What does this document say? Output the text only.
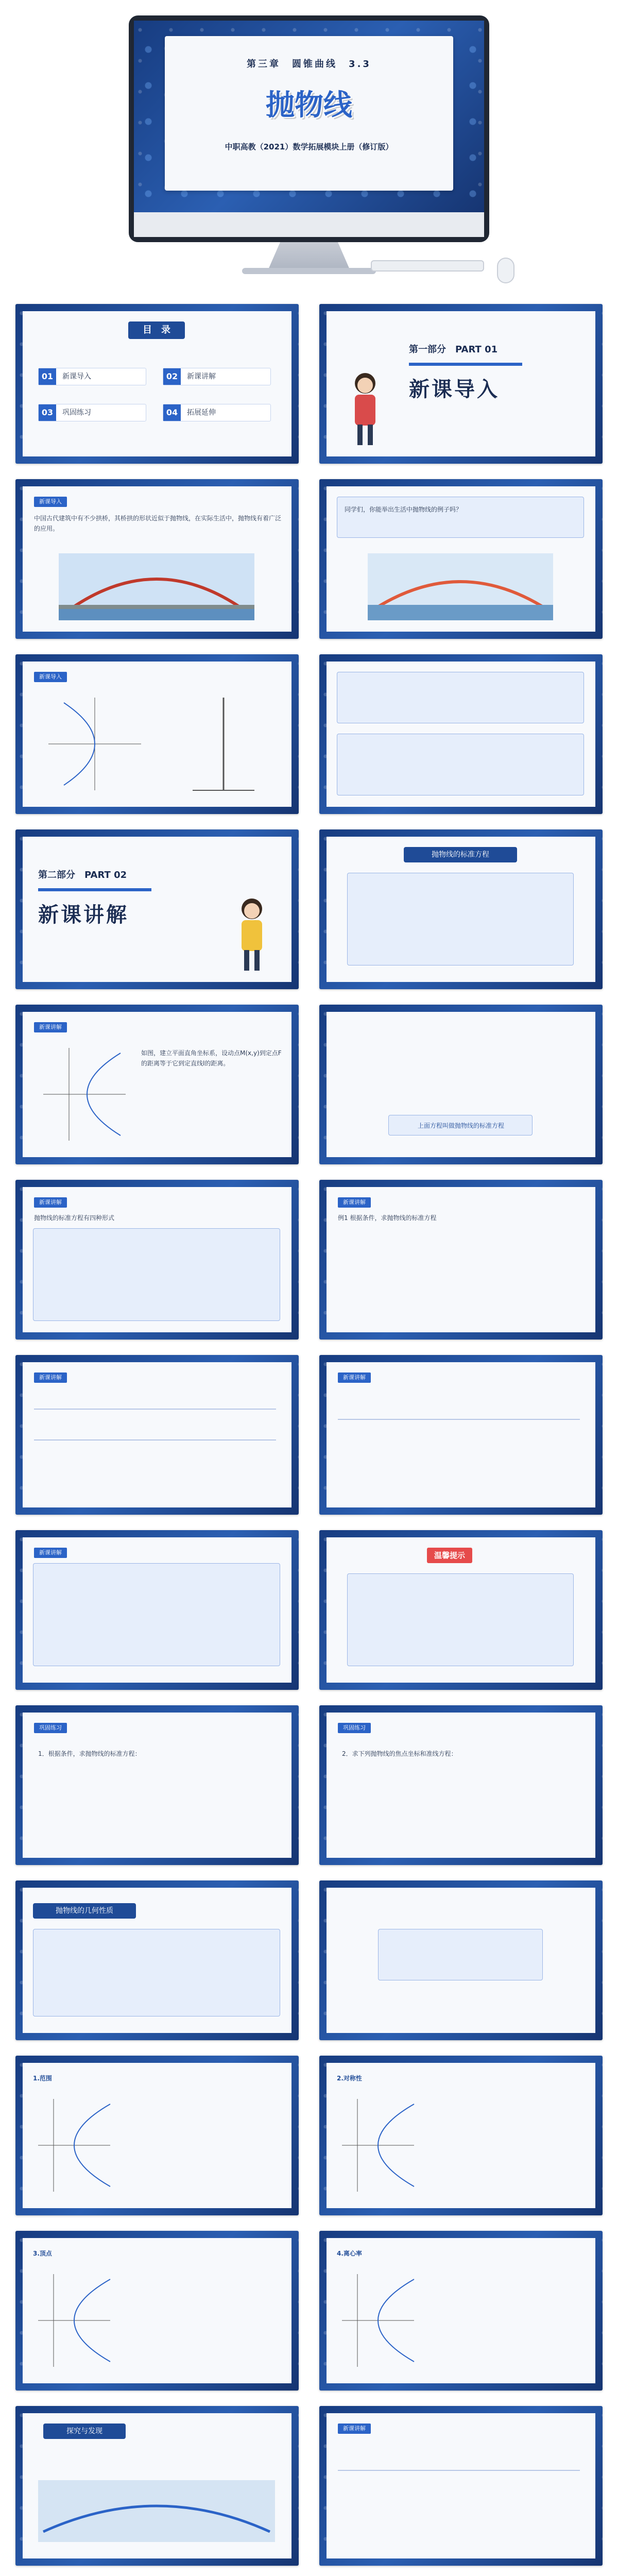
第三章　圆锥曲线　3.3
抛物线
中职高教（2021）数学拓展模块上册（修订版）
目　录
01	新课导入	02	新课讲解
03	巩固练习	04	拓展延伸
第一部分　PART 01
新课导入
新课导入
中国古代建筑中有不少拱桥，其桥拱的形状近似于抛物线，在实际生活中，抛物线有着广泛的应用。
同学们，你能举出生活中抛物线的例子吗？
新课导入
第二部分　PART 02
新课讲解
抛物线的标准方程
新课讲解
如图，建立平面直角坐标系，设动点M(x,y)到定点F的距离等于它到定直线l的距离。
上面方程叫做抛物线的标准方程
新课讲解
抛物线的标准方程有四种形式
新课讲解
例1 根据条件，求抛物线的标准方程
新课讲解	新课讲解
新课讲解	温馨提示
巩固练习
1．根据条件，求抛物线的标准方程：
巩固练习
2．求下列抛物线的焦点坐标和准线方程：
抛物线的几何性质
1.范围	2.对称性
3.顶点	4.离心率
探究与发现	新课讲解
